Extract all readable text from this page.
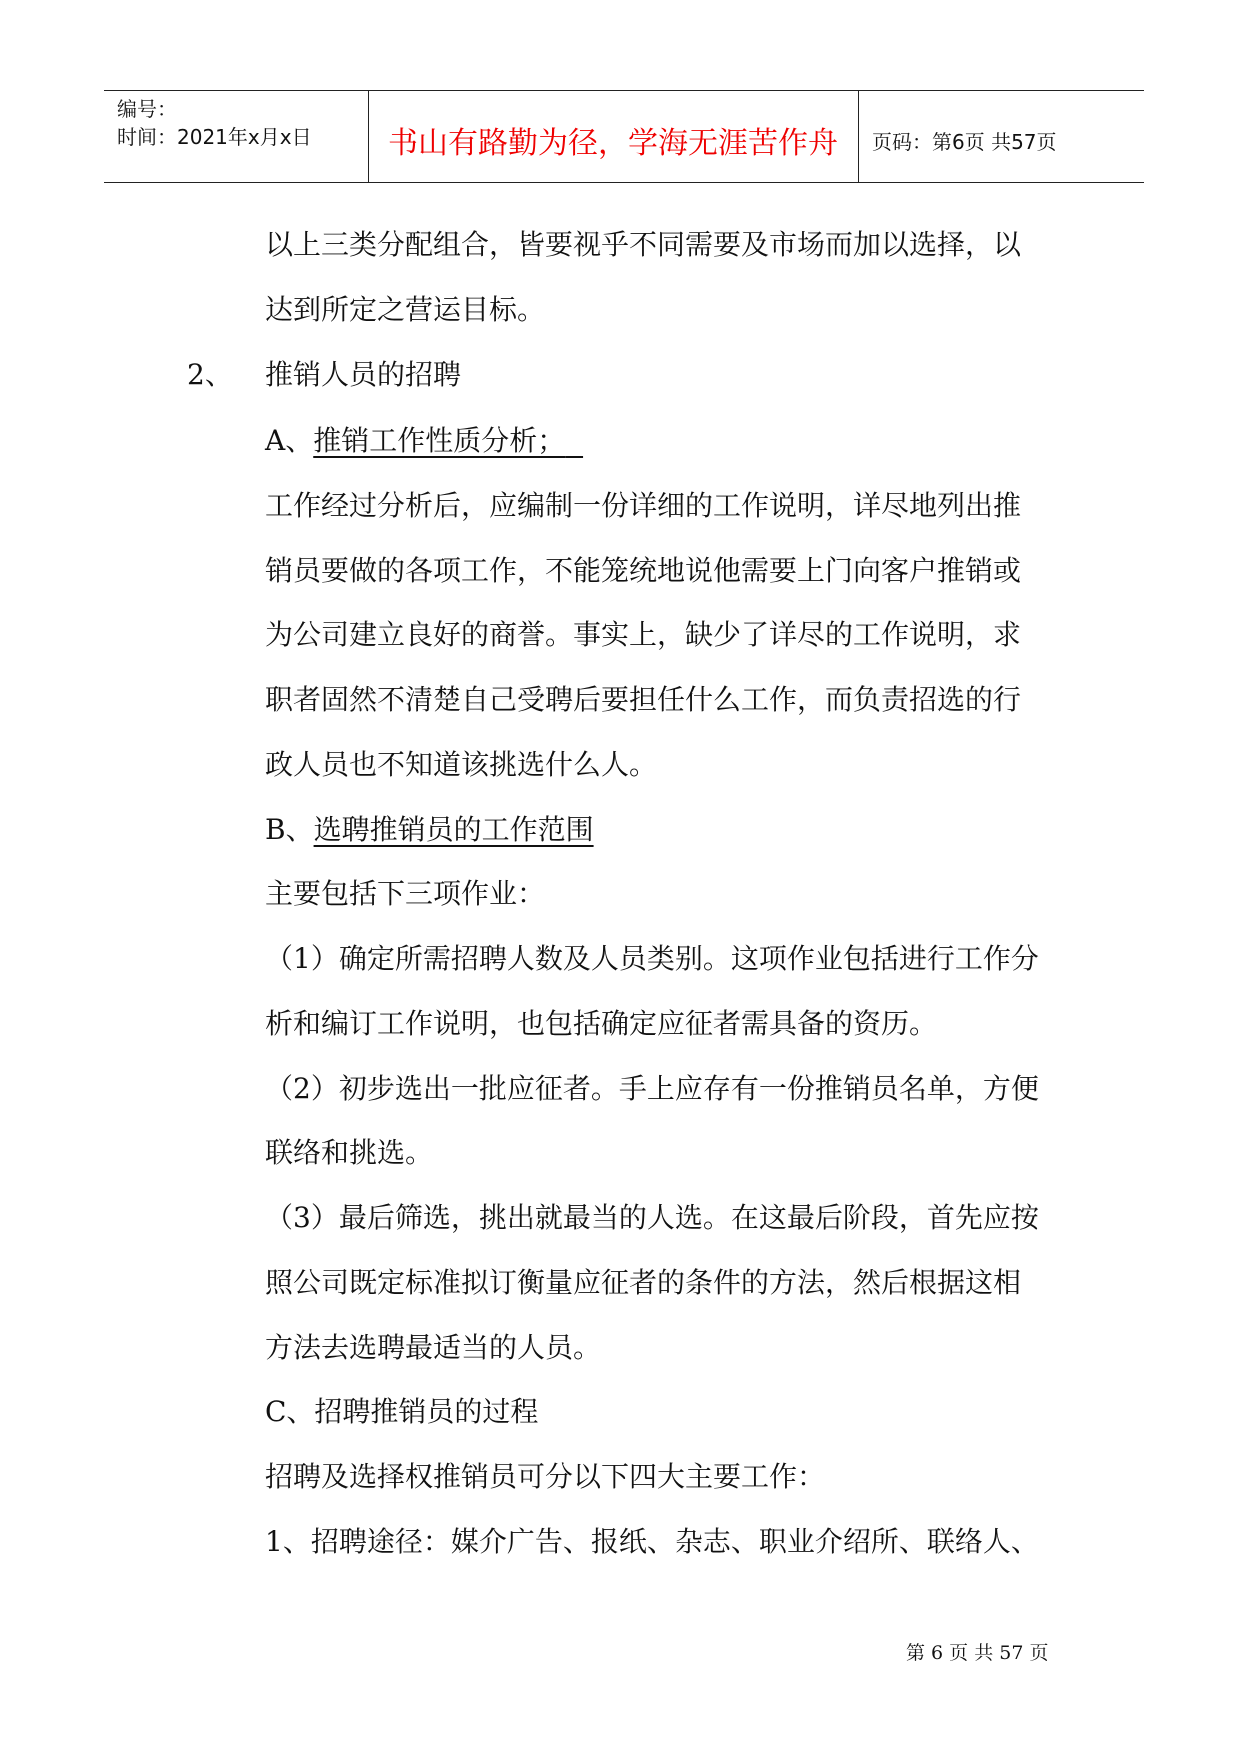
编号：
时间：2021年x月x日	书山有路勤为径，学海无涯苦作舟	页码：第6页 共57页
以上三类分配组合，皆要视乎不同需要及市场而加以选择，以
达到所定之营运目标。
2、 推销人员的招聘
A、推销工作性质分析；
工作经过分析后，应编制一份详细的工作说明，详尽地列出推
销员要做的各项工作，不能笼统地说他需要上门向客户推销或
为公司建立良好的商誉。事实上，缺少了详尽的工作说明，求
职者固然不清楚自己受聘后要担任什么工作，而负责招选的行
政人员也不知道该挑选什么人。
B、选聘推销员的工作范围
主要包括下三项作业：
（1）确定所需招聘人数及人员类别。这项作业包括进行工作分
析和编订工作说明，也包括确定应征者需具备的资历。
（2）初步选出一批应征者。手上应存有一份推销员名单，方便
联络和挑选。
（3）最后筛选，挑出就最当的人选。在这最后阶段，首先应按
照公司既定标准拟订衡量应征者的条件的方法，然后根据这相
方法去选聘最适当的人员。
C、招聘推销员的过程
招聘及选择权推销员可分以下四大主要工作：
1、招聘途径：媒介广告、报纸、杂志、职业介绍所、联络人、
第 6 页 共 57 页
